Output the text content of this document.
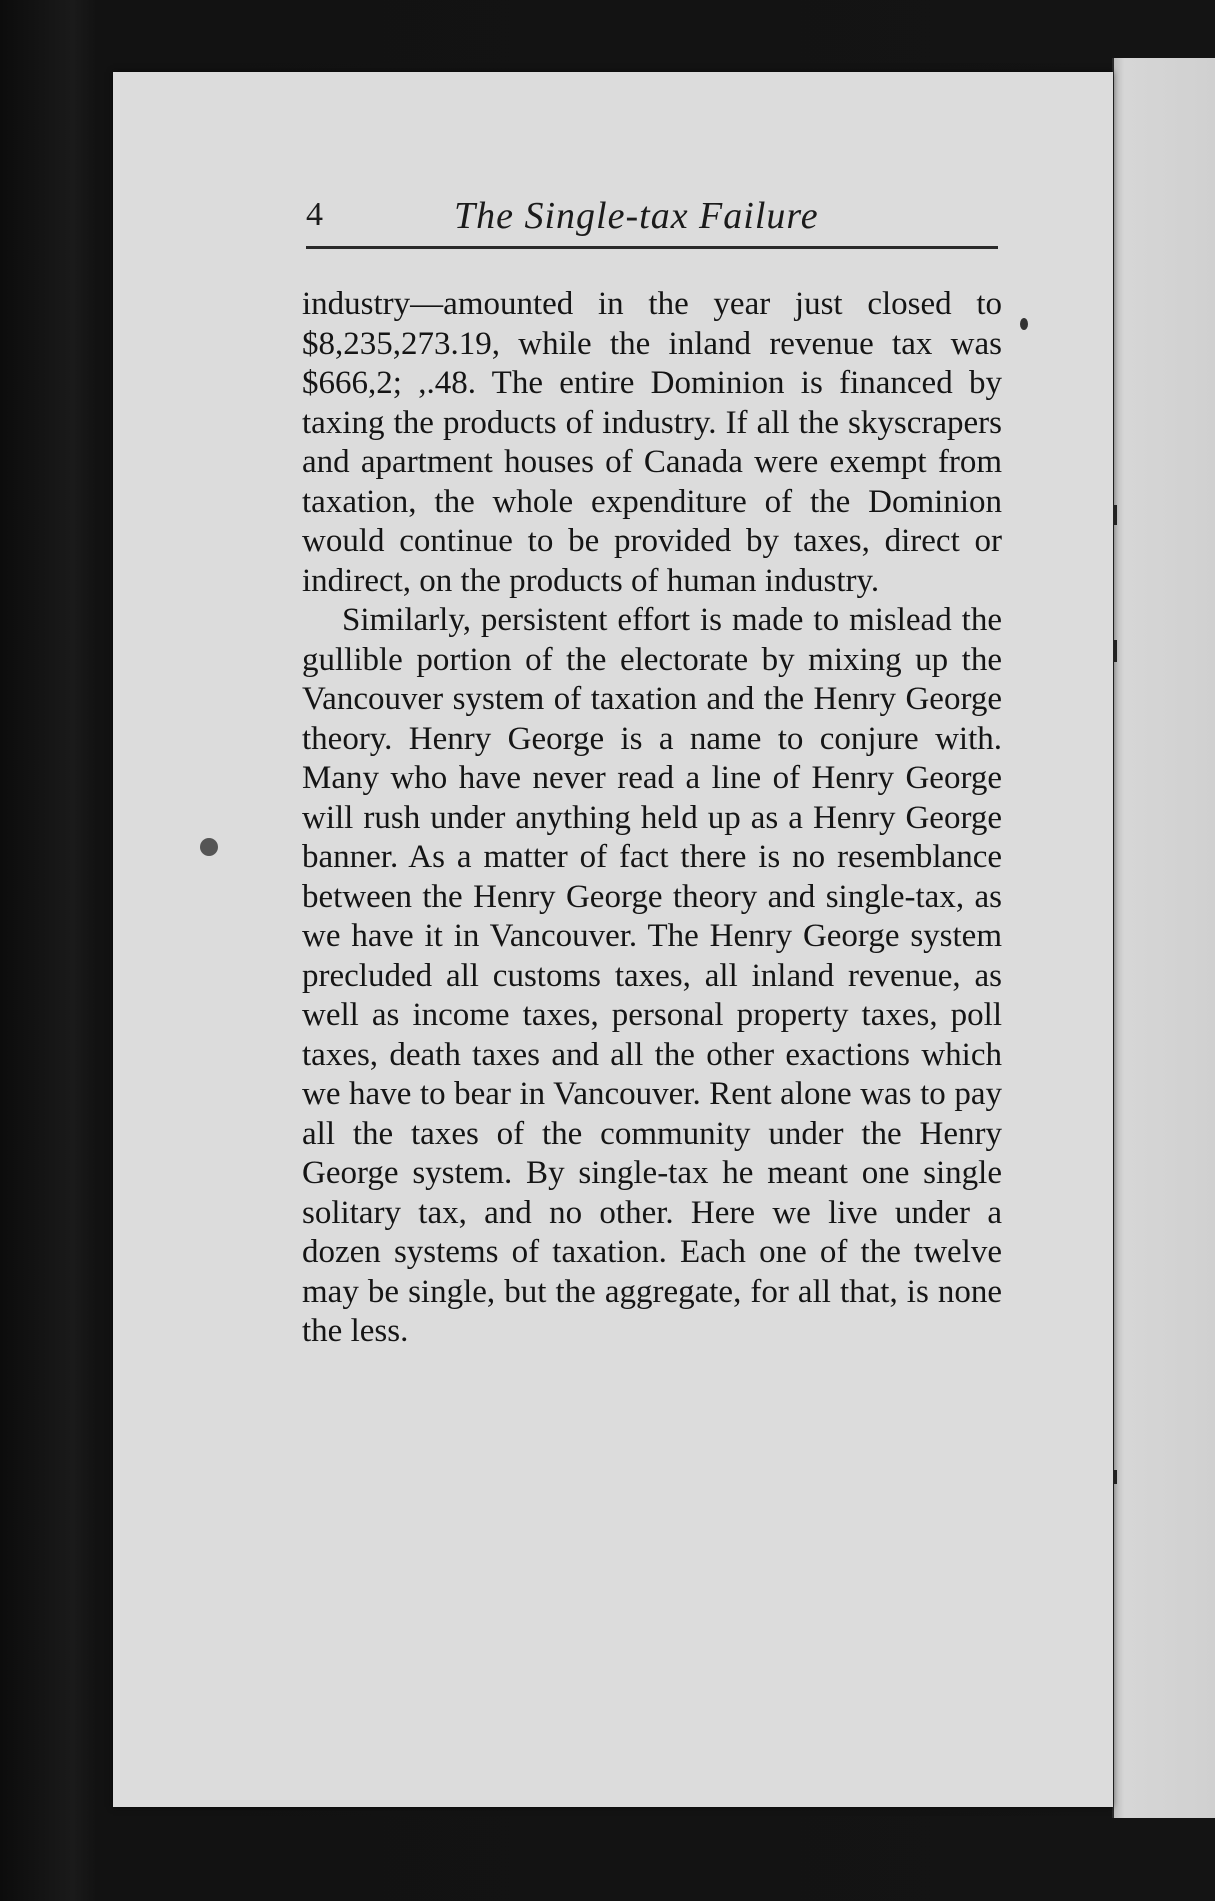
4	The Single-tax Failure

industry—amounted in the year just closed to $8,235,273.19, while the inland revenue tax was $666,2; ,.48. The entire Dominion is financed by taxing the products of industry. If all the skyscrapers and apartment houses of Canada were exempt from taxation, the whole expenditure of the Dominion would continue to be provided by taxes, direct or indirect, on the products of human industry.

Similarly, persistent effort is made to mislead the gullible portion of the electorate by mixing up the Vancouver system of taxation and the Henry George theory. Henry George is a name to conjure with. Many who have never read a line of Henry George will rush under anything held up as a Henry George banner. As a matter of fact there is no resemblance between the Henry George theory and single-tax, as we have it in Vancouver. The Henry George system precluded all customs taxes, all inland revenue, as well as income taxes, personal property taxes, poll taxes, death taxes and all the other exactions which we have to bear in Vancouver. Rent alone was to pay all the taxes of the community under the Henry George system. By single-tax he meant one single solitary tax, and no other. Here we live under a dozen systems of taxation. Each one of the twelve may be single, but the aggregate, for all that, is none the less.
